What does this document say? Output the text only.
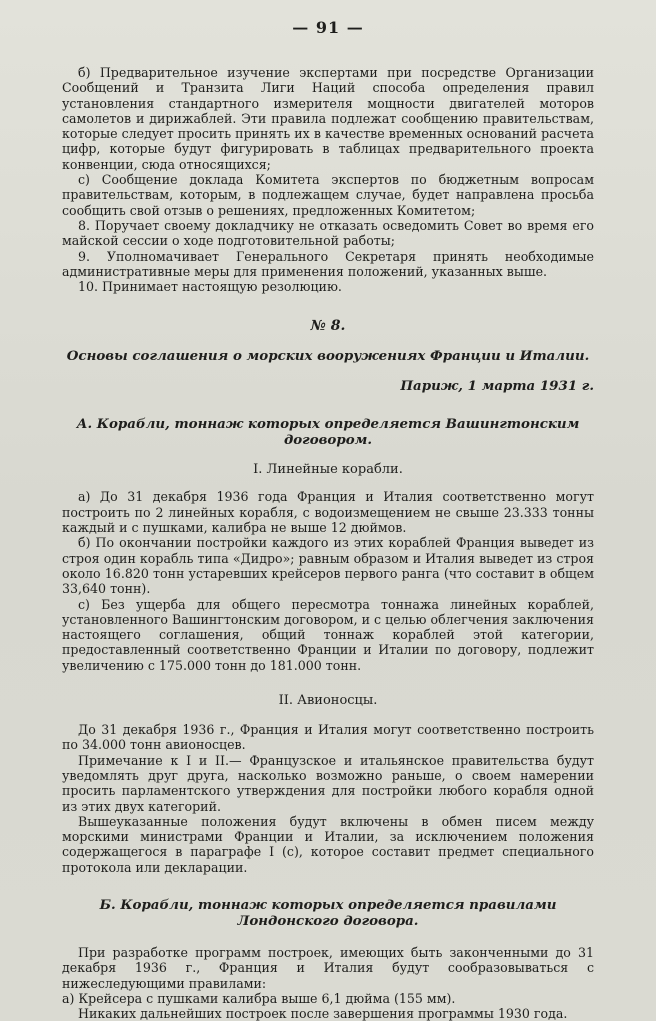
— 91 —

б) Предварительное изучение экспертами при посредстве Организации Сообщений и Транзита Лиги Наций способа определения правил установления стандартного измерителя мощности двигателей моторов самолетов и дирижаблей. Эти правила подлежат сообщению правительствам, которые следует просить принять их в качестве временных оснований расчета цифр, которые будут фигурировать в таблицах предварительного проекта конвенции, сюда относящихся;

с) Сообщение доклада Комитета экспертов по бюджетным вопросам правительствам, которым, в подлежащем случае, будет направлена просьба сообщить свой отзыв о решениях, предложенных Комитетом;

8. Поручает своему докладчику не отказать осведомить Совет во время его майской сессии о ходе подготовительной работы;

9. Уполномачивает Генерального Секретаря принять необходимые административные меры для применения положений, указанных выше.

10. Принимает настоящую резолюцию.

№ 8.
Основы соглашения о морских вооружениях Франции и Италии.
Париж, 1 марта 1931 г.
А. Корабли, тоннаж которых определяется Вашингтонским договором.
I. Линейные корабли.

а) До 31 декабря 1936 года Франция и Италия соответственно могут построить по 2 линейных корабля, с водоизмещением не свыше 23.333 тонны каждый и с пушками, калибра не выше 12 дюймов.

б) По окончании постройки каждого из этих кораблей Франция выведет из строя один корабль типа «Дидро»; равным образом и Италия выведет из строя около 16.820 тонн устаревших крейсеров первого ранга (что составит в общем 33,640 тонн).

с) Без ущерба для общего пересмотра тоннажа линейных кораблей, установленного Вашингтонским договором, и с целью облегчения заключения настоящего соглашения, общий тоннаж кораблей этой категории, предоставленный соответственно Франции и Италии по договору, подлежит увеличению с 175.000 тонн до 181.000 тонн.

II. Авионосцы.

До 31 декабря 1936 г., Франция и Италия могут соответственно построить по 34.000 тонн авионосцев.

Примечание к I и II.— Французское и итальянское правительства будут уведомлять друг друга, насколько возможно раньше, о своем намерении просить парламентского утверждения для постройки любого корабля одной из этих двух категорий.

Вышеуказанные положения будут включены в обмен писем между морскими министрами Франции и Италии, за исключением положения содержащегося в параграфе I (с), которое составит предмет специального протокола или декларации.

Б. Корабли, тоннаж которых определяется правилами Лондонского договора.

При разработке программ построек, имеющих быть законченными до 31 декабря 1936 г., Франция и Италия будут сообразовываться с нижеследующими правилами:

а) Крейсера с пушками калибра выше 6,1 дюйма (155 мм).

Никаких дальнейших построек после завершения программы 1930 года.
